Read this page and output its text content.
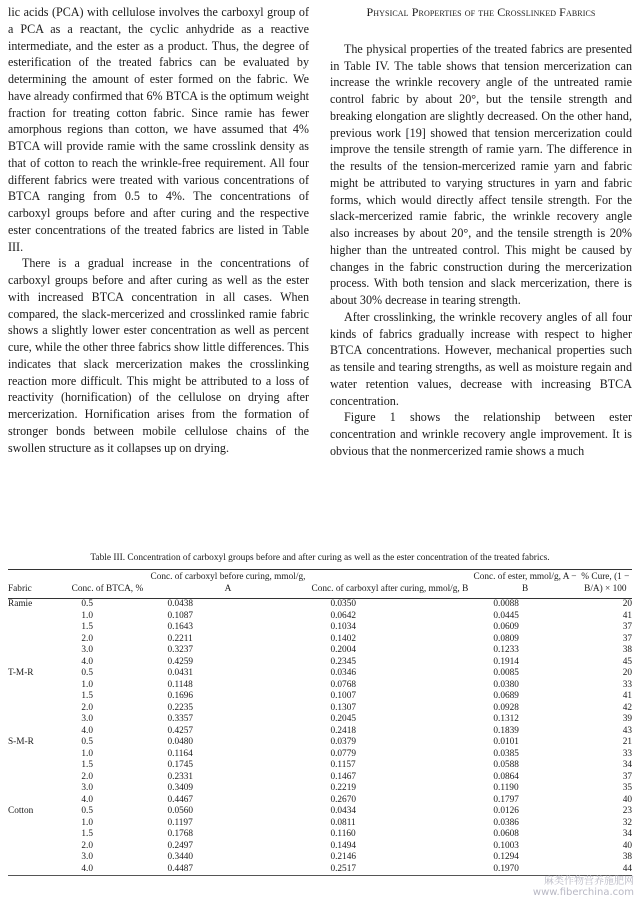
lic acids (PCA) with cellulose involves the carboxyl group of a PCA as a reactant, the cyclic anhydride as a reactive intermediate, and the ester as a product. Thus, the degree of esterification of the treated fabrics can be evaluated by determining the amount of ester formed on the fabric. We have already confirmed that 6% BTCA is the optimum weight fraction for treating cotton fabric. Since ramie has fewer amorphous regions than cotton, we have assumed that 4% BTCA will provide ramie with the same crosslink density as that of cotton to reach the wrinkle-free requirement. All four different fabrics were treated with various concentrations of BTCA ranging from 0.5 to 4%. The concentrations of carboxyl groups before and after curing and the respective ester concentrations of the treated fabrics are listed in Table III.

There is a gradual increase in the concentrations of carboxyl groups before and after curing as well as the ester with increased BTCA concentration in all cases. When compared, the slack-mercerized and crosslinked ramie fabric shows a slightly lower ester concentration as well as percent cure, while the other three fabrics show little differences. This indicates that slack mercerization makes the crosslinking reaction more difficult. This might be attributed to a loss of reactivity (hornification) of the cellulose on drying after mercerization. Hornification arises from the formation of stronger bonds between mobile cellulose chains of the swollen structure as it collapses up on drying.

Physical Properties of the Crosslinked Fabrics

The physical properties of the treated fabrics are presented in Table IV. The table shows that tension mercerization can increase the wrinkle recovery angle of the untreated ramie control fabric by about 20°, but the tensile strength and breaking elongation are slightly decreased. On the other hand, previous work [19] showed that tension mercerization could improve the tensile strength of ramie yarn. The difference in the results of the tension-mercerized ramie yarn and fabric might be attributed to varying structures in yarn and fabric forms, which would directly affect tensile strength. For the slack-mercerized ramie fabric, the wrinkle recovery angle also increases by about 20°, and the tensile strength is 20% higher than the untreated control. This might be caused by changes in the fabric construction during the mercerization process. With both tension and slack mercerization, there is about 30% decrease in tearing strength.

After crosslinking, the wrinkle recovery angles of all four kinds of fabrics gradually increase with respect to higher BTCA concentrations. However, mechanical properties such as tensile and tearing strengths, as well as moisture regain and water retention values, decrease with increasing BTCA concentration.

Figure 1 shows the relationship between ester concentration and wrinkle recovery angle improvement. It is obvious that the nonmercerized ramie shows a much

Table III. Concentration of carboxyl groups before and after curing as well as the ester concentration of the treated fabrics.
Fabric	Conc. of BTCA, %	Conc. of carboxyl before curing, mmol/g, A	Conc. of carboxyl after curing, mmol/g, B	Conc. of ester, mmol/g, A − B	% Cure, (1 − B/A) × 100
Ramie	0.5	0.0438	0.0350	0.0088	20
	1.0	0.1087	0.0642	0.0445	41
	1.5	0.1643	0.1034	0.0609	37
	2.0	0.2211	0.1402	0.0809	37
	3.0	0.3237	0.2004	0.1233	38
	4.0	0.4259	0.2345	0.1914	45
T-M-R	0.5	0.0431	0.0346	0.0085	20
	1.0	0.1148	0.0768	0.0380	33
	1.5	0.1696	0.1007	0.0689	41
	2.0	0.2235	0.1307	0.0928	42
	3.0	0.3357	0.2045	0.1312	39
	4.0	0.4257	0.2418	0.1839	43
S-M-R	0.5	0.0480	0.0379	0.0101	21
	1.0	0.1164	0.0779	0.0385	33
	1.5	0.1745	0.1157	0.0588	34
	2.0	0.2331	0.1467	0.0864	37
	3.0	0.3409	0.2219	0.1190	35
	4.0	0.4467	0.2670	0.1797	40
Cotton	0.5	0.0560	0.0434	0.0126	23
	1.0	0.1197	0.0811	0.0386	32
	1.5	0.1768	0.1160	0.0608	34
	2.0	0.2497	0.1494	0.1003	40
	3.0	0.3440	0.2146	0.1294	38
	4.0	0.4487	0.2517	0.1970	44
麻类作物营养施肥网
www.fiberchina.com
